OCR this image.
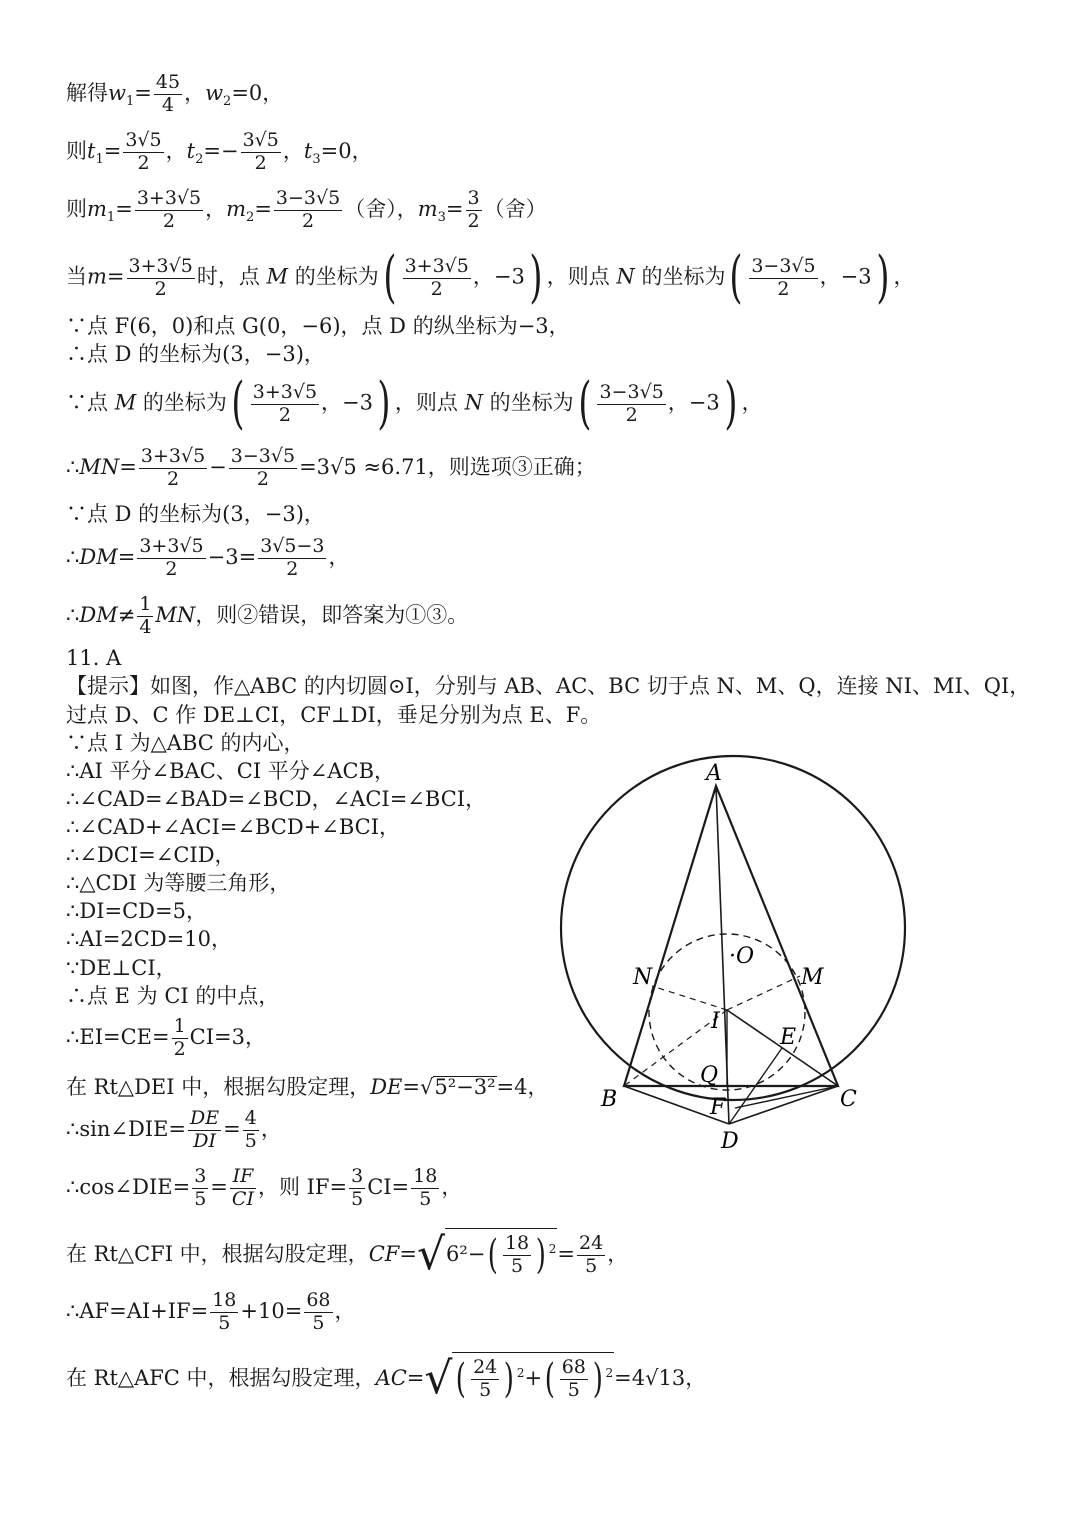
解得$w_1= \frac{45}{4}$ ，$w_2=0$，
则$t_1= \frac{3√5}{2}$ ，$t_2=- \frac{3√5}{2}$ ，$t_3=0$，
则$m_1= \frac{3+3√5}{2}$ ，$m_2= \frac{3-3√5}{2}$ （舍），$m_3= \frac{3}{2}$ （舍）
当$m= \frac{3+3√5}{2}$ 时，点 M 的坐标为( $\frac{3+3√5}{2}$ ，−3) ，则点 N 的坐标为( $\frac{3-3√5}{2}$ ，−3) ，
∵点 F(6，0)和点 G(0，−6)，点 D 的纵坐标为−3，
∴点 D 的坐标为(3，−3)，
∵点 M 的坐标为( $\frac{3+3√5}{2}$ ，−3) ，则点 N 的坐标为( $\frac{3-3√5}{2}$ ，−3) ，
∴MN= $\frac{3+3√5}{2} - \frac{3-3√5}{2} =3√5 \approx 6.71$，则选项③正确；
∵点 D 的坐标为(3，−3)，
∴DM= $\frac{3+3√5}{2} -3= \frac{3√5-3}{2}$ ，
∴DM≠ $\frac{1}{4}$ MN，则②错误，即答案为①③。
11. A
【提示】如图，作△ABC 的内切圆⊙I，分别与 AB、AC、BC 切于点 N、M、Q，连接 NI、MI、QI，
过点 D、C 作 DE⊥CI，CF⊥DI，垂足分别为点 E、F。
∵点 I 为△ABC 的内心，
∴AI 平分∠BAC、CI 平分∠ACB，
∴∠CAD=∠BAD=∠BCD，∠ACI=∠BCI，
∴∠CAD+∠ACI=∠BCD+∠BCI，
∴∠DCI=∠CID，
∴△CDI 为等腰三角形，
∴DI=CD=5，
∴AI=2CD=10，
∵DE⊥CI，
∴点 E 为 CI 的中点，
∴EI=CE= $\frac{1}{2} CI=3$，
在 Rt△DEI 中，根据勾股定理，DE=√5²−3²=4，
∴sin∠DIE= $\frac{DE}{DI} = \frac{4}{5}$ ，
∴cos∠DIE= $\frac{3}{5} = \frac{IF}{CI}$ ，则 $IF= \frac{3}{5} CI= \frac{18}{5}$ ，
在 Rt△CFI 中，根据勾股定理，$CF=√6^2-( \frac{18}{5}$ ) $^2= \frac{24}{5}$ ，
∴AF=AI+IF= $\frac{18}{5} +10= \frac{68}{5}$ ，
在 Rt△AFC 中，根据勾股定理，$AC=√( \frac{24}{5}$ ) $^2+( \frac{68}{5}$ ) $^2$=4√13，
A
B	C
D
E
F
I
M
N
·O
Q
